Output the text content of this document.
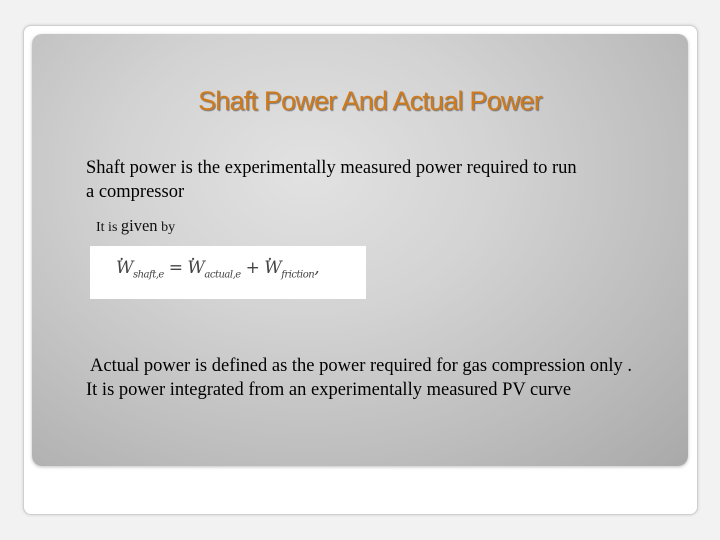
Shaft Power And Actual Power
Shaft power is the experimentally measured power required to run
a compressor
It is given by
. $W_{shaft,e}$ = . $W_{actual,e}$ + . $W_{friction}$,
Actual power is defined as the power required for gas compression only .
It is power integrated from an experimentally measured PV curve
